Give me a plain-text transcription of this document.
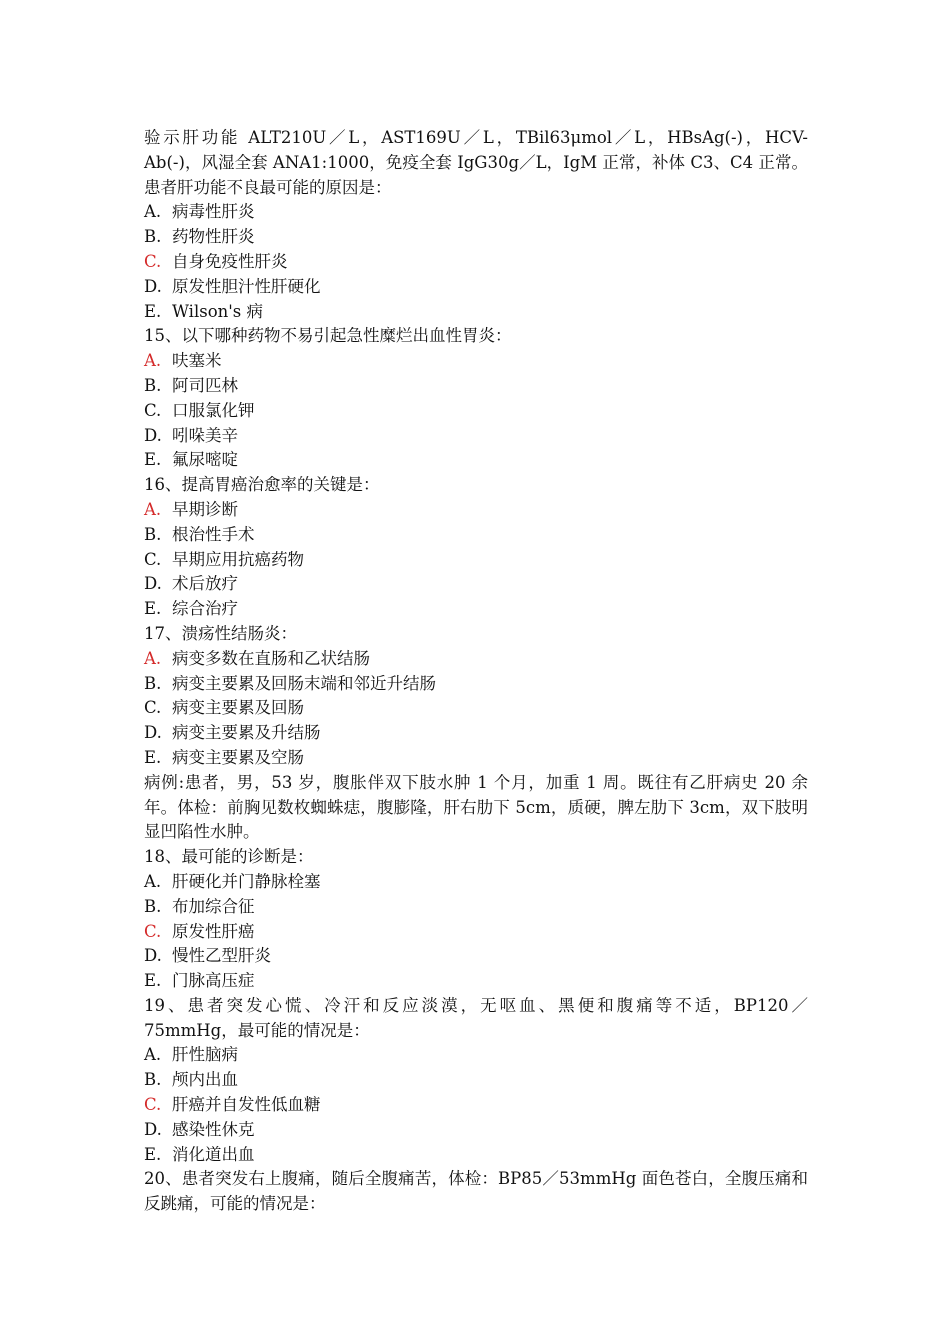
验示肝功能 ALT210U／L，AST169U／L，TBil63μmol／L，HBsAg(-)，HCV-Ab(-)，风湿全套 ANA1:1000，免疫全套 IgG30g／L，IgM 正常，补体 C3、C4 正常。患者肝功能不良最可能的原因是：
A. 病毒性肝炎
B. 药物性肝炎
C. 自身免疫性肝炎
D. 原发性胆汁性肝硬化
E. Wilson's 病
15、以下哪种药物不易引起急性糜烂出血性胃炎：
A. 呋塞米
B. 阿司匹林
C. 口服氯化钾
D. 吲哚美辛
E. 氟尿嘧啶
16、提高胃癌治愈率的关键是：
A. 早期诊断
B. 根治性手术
C. 早期应用抗癌药物
D. 术后放疗
E. 综合治疗
17、溃疡性结肠炎：
A. 病变多数在直肠和乙状结肠
B. 病变主要累及回肠末端和邻近升结肠
C. 病变主要累及回肠
D. 病变主要累及升结肠
E. 病变主要累及空肠
病例:患者，男，53 岁，腹胀伴双下肢水肿 1 个月，加重 1 周。既往有乙肝病史 20 余年。体检：前胸见数枚蜘蛛痣，腹膨隆，肝右肋下 5cm，质硬，脾左肋下 3cm，双下肢明显凹陷性水肿。
18、最可能的诊断是：
A. 肝硬化并门静脉栓塞
B. 布加综合征
C. 原发性肝癌
D. 慢性乙型肝炎
E. 门脉高压症
19、患者突发心慌、冷汗和反应淡漠，无呕血、黑便和腹痛等不适，BP120／75mmHg，最可能的情况是：
A. 肝性脑病
B. 颅内出血
C. 肝癌并自发性低血糖
D. 感染性休克
E. 消化道出血
20、患者突发右上腹痛，随后全腹痛苦，体检：BP85／53mmHg 面色苍白，全腹压痛和反跳痛，可能的情况是：
